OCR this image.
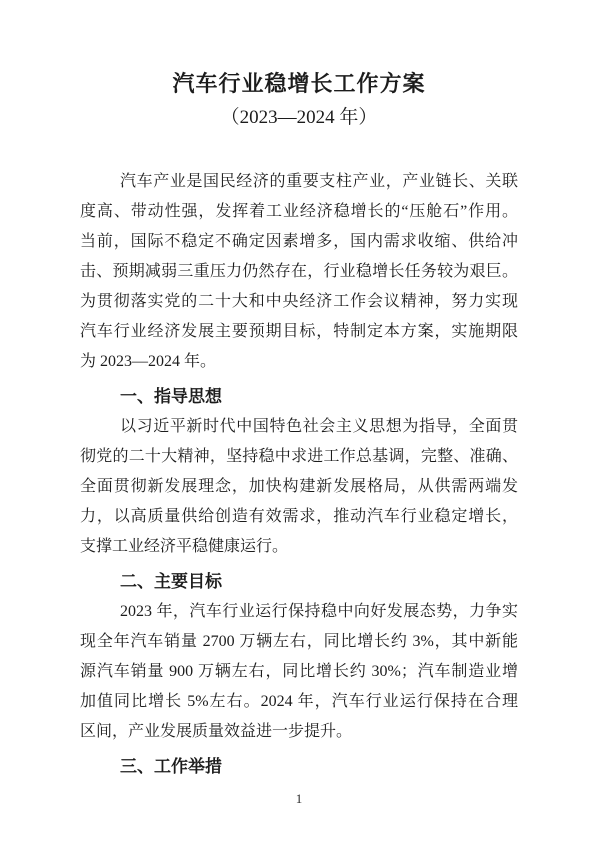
汽车行业稳增长工作方案
（2023—2024 年）
汽车产业是国民经济的重要支柱产业，产业链长、关联
度高、带动性强，发挥着工业经济稳增长的“压舱石”作用。
当前，国际不稳定不确定因素增多，国内需求收缩、供给冲
击、预期减弱三重压力仍然存在，行业稳增长任务较为艰巨。
为贯彻落实党的二十大和中央经济工作会议精神，努力实现
汽车行业经济发展主要预期目标，特制定本方案，实施期限
为 2023—2024 年。
一、指导思想
以习近平新时代中国特色社会主义思想为指导，全面贯
彻党的二十大精神，坚持稳中求进工作总基调，完整、准确、
全面贯彻新发展理念，加快构建新发展格局，从供需两端发
力，以高质量供给创造有效需求，推动汽车行业稳定增长，
支撑工业经济平稳健康运行。
二、主要目标
2023 年，汽车行业运行保持稳中向好发展态势，力争实
现全年汽车销量 2700 万辆左右，同比增长约 3%，其中新能
源汽车销量 900 万辆左右，同比增长约 30%；汽车制造业增
加值同比增长 5%左右。2024 年，汽车行业运行保持在合理
区间，产业发展质量效益进一步提升。
三、工作举措
1
